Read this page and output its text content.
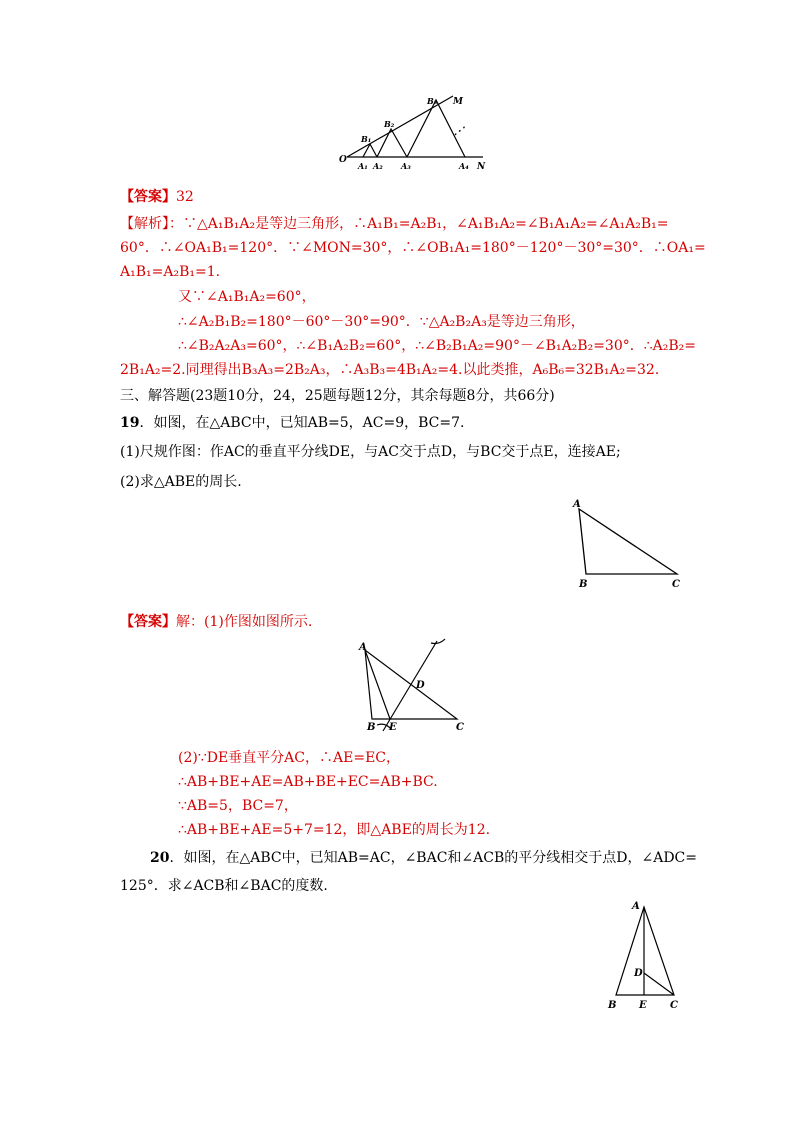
O
A₁ A₂ A₃	A₄ N
B₁
B₂
B₃ M
⋰
【答案】32
【解析】：∵△A₁B₁A₂是等边三角形，∴A₁B₁=A₂B₁，∠A₁B₁A₂=∠B₁A₁A₂=∠A₁A₂B₁=
60°．∴∠OA₁B₁=120°．∵∠MON=30°，∴∠OB₁A₁=180°－120°－30°=30°．∴OA₁=
A₁B₁=A₂B₁=1.
又∵∠A₁B₁A₂=60°，
∴∠A₂B₁B₂=180°－60°－30°=90°．∵△A₂B₂A₃是等边三角形，
∴∠B₂A₂A₃=60°，∴∠B₁A₂B₂=60°，∴∠B₂B₁A₂=90°－∠B₁A₂B₂=30°．∴A₂B₂=
2B₁A₂=2.同理得出B₃A₃=2B₂A₃，∴A₃B₃=4B₁A₂=4.以此类推，A₆B₆=32B₁A₂=32.
三、解答题(23题10分，24，25题每题12分，其余每题8分，共66分)
19．如图，在△ABC中，已知AB=5，AC=9，BC=7.
(1)尺规作图：作AC的垂直平分线DE，与AC交于点D，与BC交于点E，连接AE;
(2)求△ABE的周长.
A
B	C
【答案】解：(1)作图如图所示.
A
B E	C
D
(2)∵DE垂直平分AC，∴AE=EC，
∴AB+BE+AE=AB+BE+EC=AB+BC.
∵AB=5，BC=7，
∴AB+BE+AE=5+7=12，即△ABE的周长为12.
20．如图，在△ABC中，已知AB=AC，∠BAC和∠ACB的平分线相交于点D，∠ADC=
125°．求∠ACB和∠BAC的度数.
A
B E C
D
